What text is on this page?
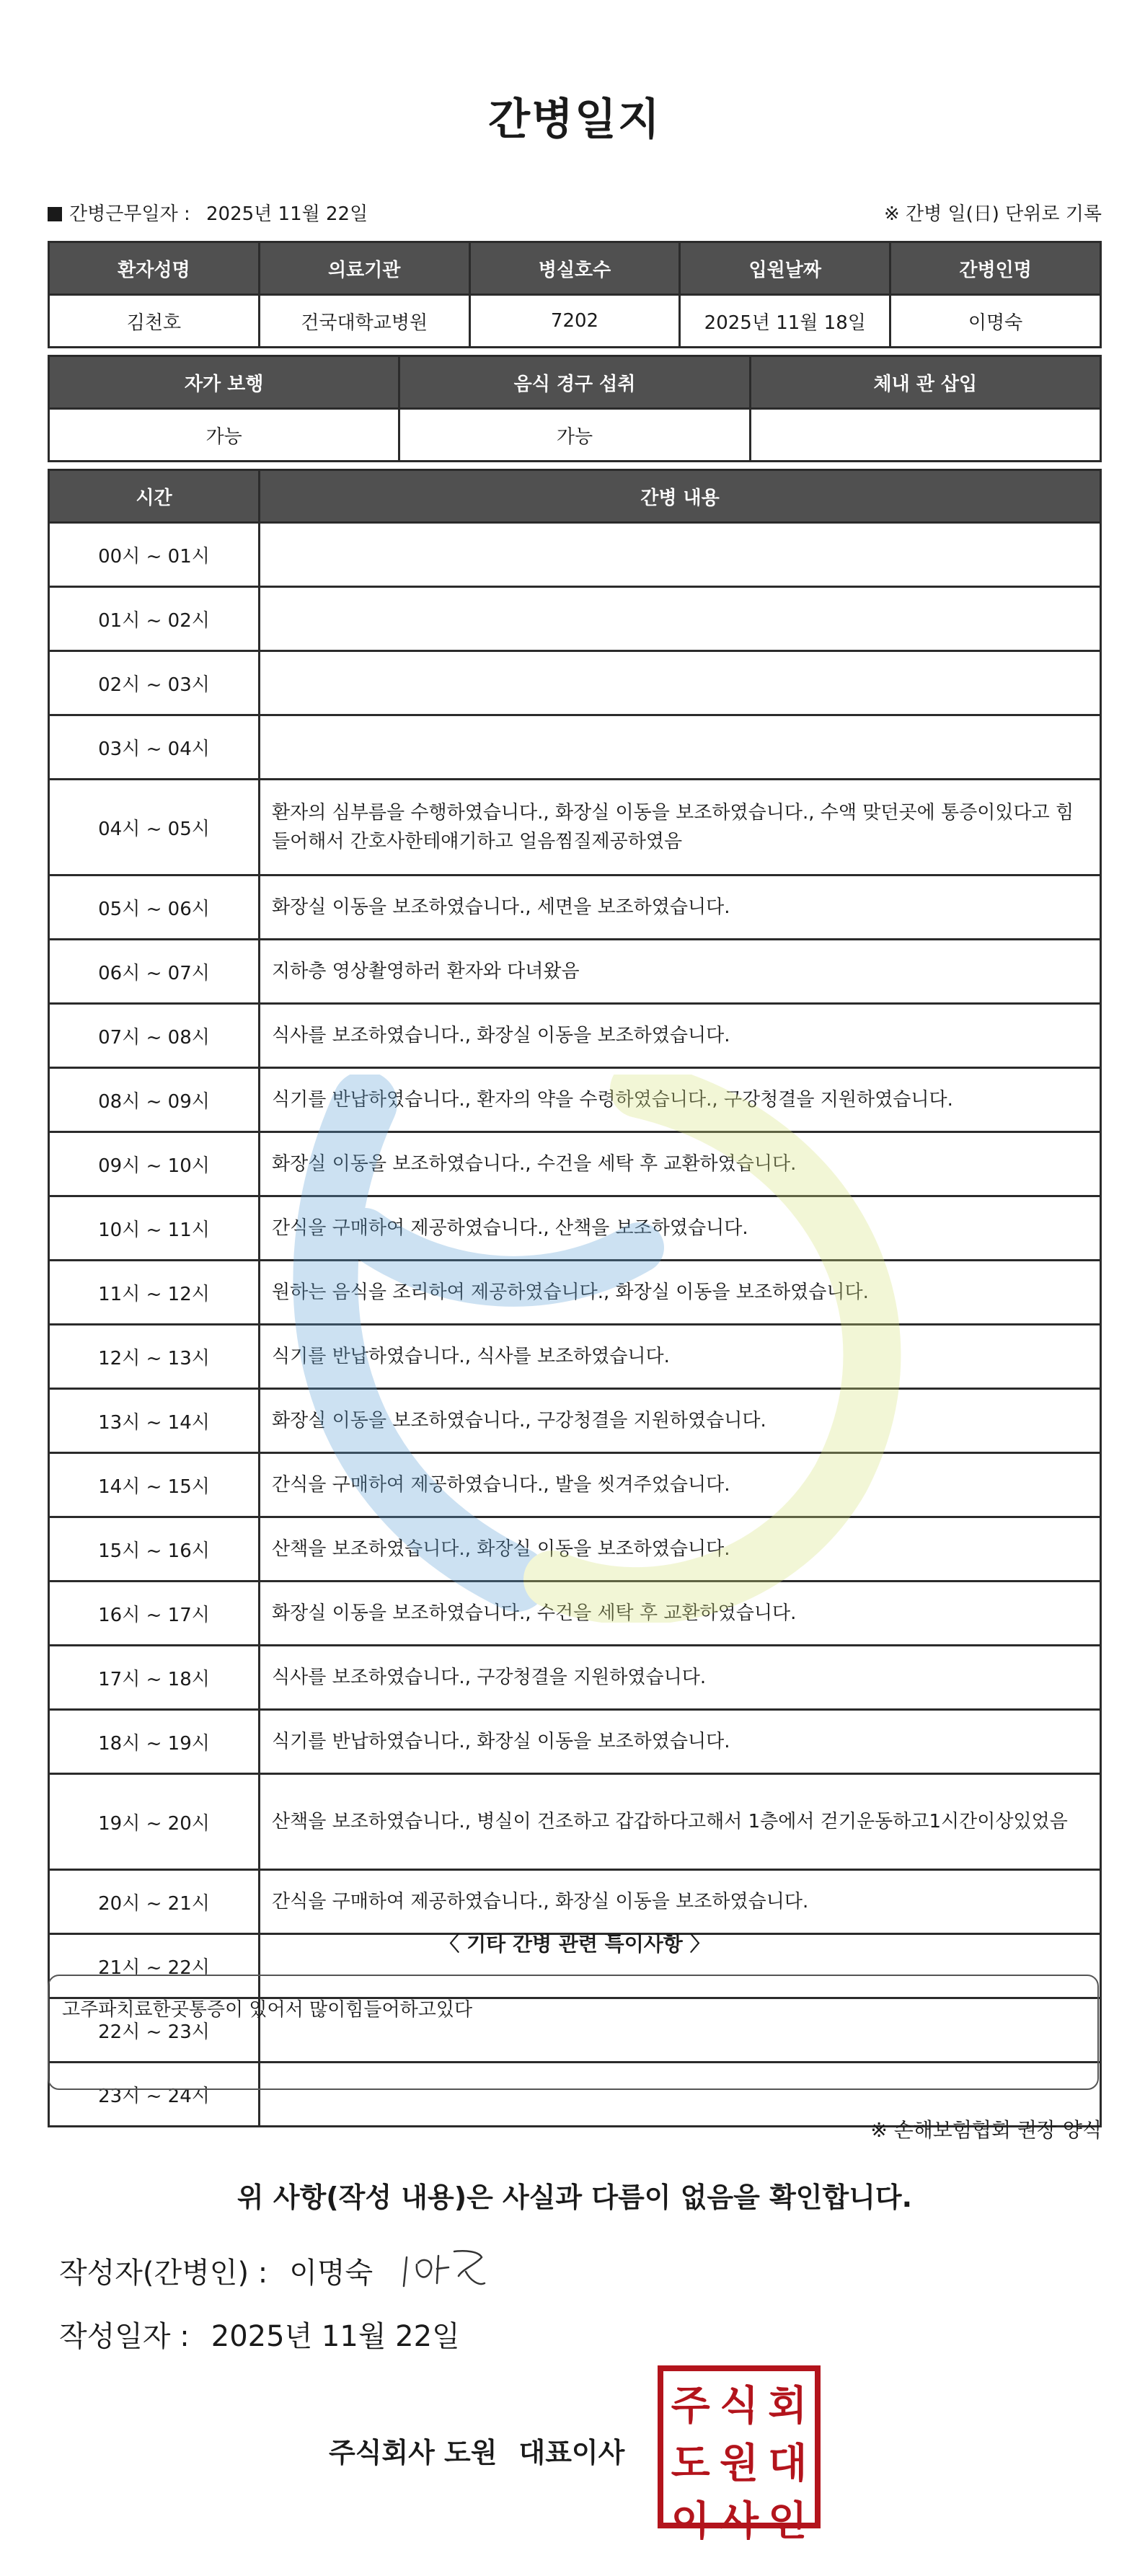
간병일지
간병근무일자 : 2025년 11월 22일	※ 간병 일(日) 단위로 기록
환자성명	의료기관	병실호수	입원날짜	간병인명
김천호	건국대학교병원	7202	2025년 11월 18일	이명숙
자가 보행	음식 경구 섭취	체내 관 삽입
가능	가능	
시간	간병 내용
00시 ~ 01시	
01시 ~ 02시	
02시 ~ 03시	
03시 ~ 04시	
04시 ~ 05시	환자의 심부름을 수행하였습니다., 화장실 이동을 보조하였습니다., 수액 맞던곳에 통증이있다고 힘들어해서 간호사한테얘기하고 얼음찜질제공하였음
05시 ~ 06시	화장실 이동을 보조하였습니다., 세면을 보조하였습니다.
06시 ~ 07시	지하층 영상촬영하러 환자와 다녀왔음
07시 ~ 08시	식사를 보조하였습니다., 화장실 이동을 보조하였습니다.
08시 ~ 09시	식기를 반납하였습니다., 환자의 약을 수령하였습니다., 구강청결을 지원하였습니다.
09시 ~ 10시	화장실 이동을 보조하였습니다., 수건을 세탁 후 교환하였습니다.
10시 ~ 11시	간식을 구매하여 제공하였습니다., 산책을 보조하였습니다.
11시 ~ 12시	원하는 음식을 조리하여 제공하였습니다., 화장실 이동을 보조하였습니다.
12시 ~ 13시	식기를 반납하였습니다., 식사를 보조하였습니다.
13시 ~ 14시	화장실 이동을 보조하였습니다., 구강청결을 지원하였습니다.
14시 ~ 15시	간식을 구매하여 제공하였습니다., 발을 씻겨주었습니다.
15시 ~ 16시	산책을 보조하였습니다., 화장실 이동을 보조하였습니다.
16시 ~ 17시	화장실 이동을 보조하였습니다., 수건을 세탁 후 교환하였습니다.
17시 ~ 18시	식사를 보조하였습니다., 구강청결을 지원하였습니다.
18시 ~ 19시	식기를 반납하였습니다., 화장실 이동을 보조하였습니다.
19시 ~ 20시	산책을 보조하였습니다., 병실이 건조하고 갑갑하다고해서 1층에서 걷기운동하고1시간이상있었음
20시 ~ 21시	간식을 구매하여 제공하였습니다., 화장실 이동을 보조하였습니다.
21시 ~ 22시	
22시 ~ 23시	
23시 ~ 24시	
〈 기타 간병 관련 특이사항 〉
고주파치료한곳통증이 있어서 많이힘들어하고있다
※ 손해보험협회 권장 양식
위 사항(작성 내용)은 사실과 다름이 없음을 확인합니다.
작성자(간병인) : 이명숙
작성일자 : 2025년 11월 22일
주식회사 도원 대표이사
주 식 회
도 원 대
이 사 인
